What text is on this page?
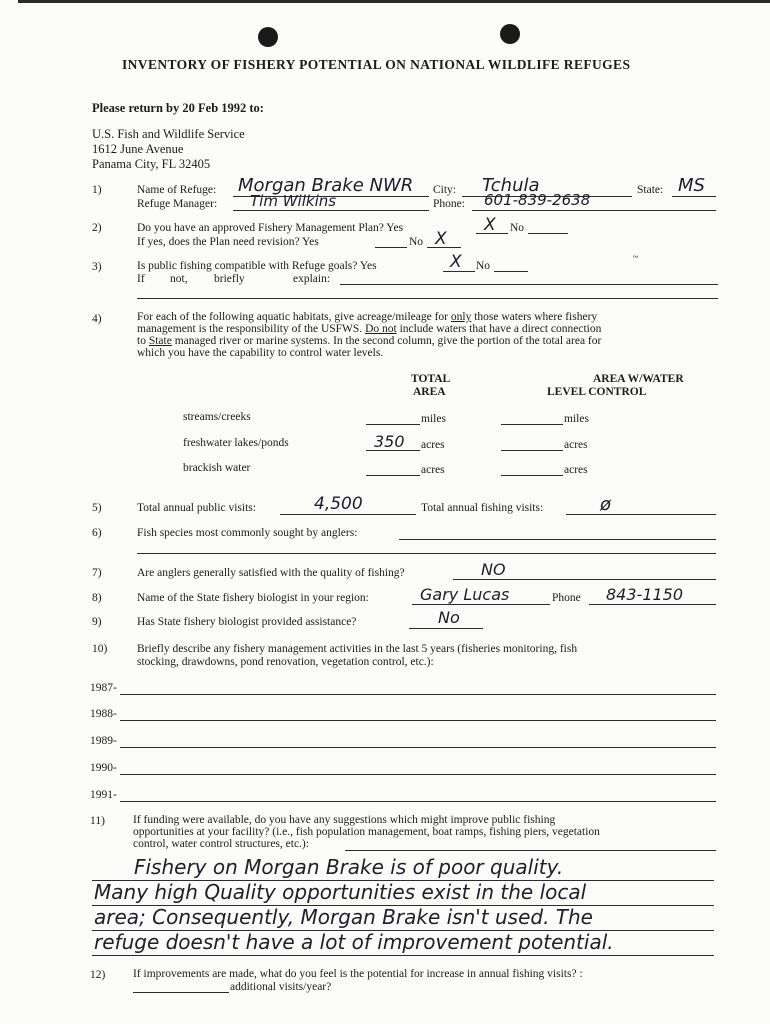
INVENTORY OF FISHERY POTENTIAL ON NATIONAL WILDLIFE REFUGES
Please return by 20 Feb 1992 to:
U.S. Fish and Wildlife Service
1612 June Avenue
Panama City, FL 32405
1)	Name of Refuge: Morgan Brake NWR City: Tchula	State: MS
Refuge Manager: Tim Wilkins	Phone: 601-839-2638
2)	Do you have an approved Fishery Management Plan? Yes	X No
If yes, does the Plan need revision? Yes	No X
3)	Is public fishing compatible with Refuge goals? Yes	X No
~
If not, briefly	explain:
4)	For each of the following aquatic habitats, give acreage/mileage for only those waters where fishery
management is the responsibility of the USFWS. Do not include waters that have a direct connection
to State managed river or marine systems. In the second column, give the portion of the total area for
which you have the capability to control water levels.
TOTAL
AREA
AREA W/WATER
LEVEL CONTROL
streams/creeks	miles	miles
freshwater lakes/ponds	350 acres	acres
brackish water	acres	acres
5)	Total annual public visits:	4,500	Total annual fishing visits:	ø
6)	Fish species most commonly sought by anglers:
7)	Are anglers generally satisfied with the quality of fishing?	NO
8)	Name of the State fishery biologist in your region:	Gary Lucas	Phone 843-1150
9)	Has State fishery biologist provided assistance?	No
10)	Briefly describe any fishery management activities in the last 5 years (fisheries monitoring, fish
stocking, drawdowns, pond renovation, vegetation control, etc.):
1987-
1988-
1989-
1990-
1991-
11) If funding were available, do you have any suggestions which might improve public fishing
opportunities at your facility? (i.e., fish population management, boat ramps, fishing piers, vegetation
control, water control structures, etc.):
Fishery on Morgan Brake is of poor quality.
Many high Quality opportunities exist in the local
area; Consequently, Morgan Brake isn't used. The
refuge doesn't have a lot of improvement potential.
12) If improvements are made, what do you feel is the potential for increase in annual fishing visits? :
additional visits/year?
